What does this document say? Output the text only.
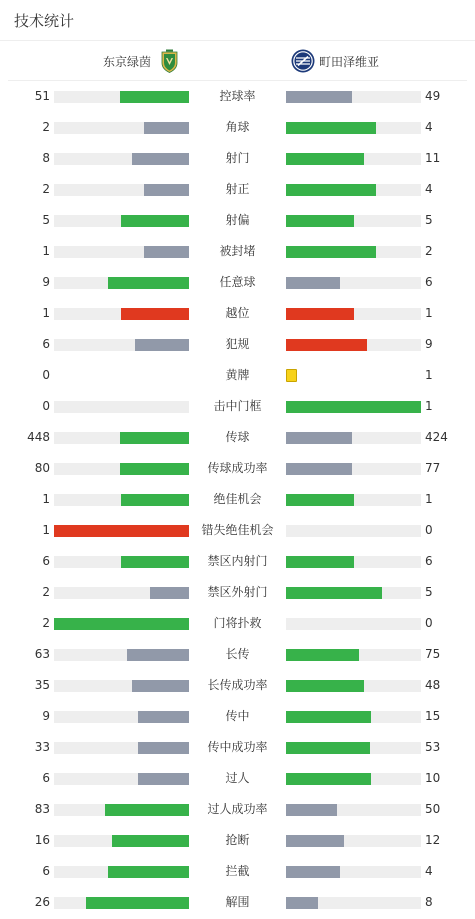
技术统计
东京绿茵	町田泽维亚
51	控球率	49
2	角球	4
8	射门	11
2	射正	4
5	射偏	5
1	被封堵	2
9	任意球	6
1	越位	1
6	犯规	9
0	黄牌	1
0	击中门框	1
448	传球	424
80	传球成功率	77
1	绝佳机会	1
1	错失绝佳机会	0
6	禁区内射门	6
2	禁区外射门	5
2	门将扑救	0
63	长传	75
35	长传成功率	48
9	传中	15
33	传中成功率	53
6	过人	10
83	过人成功率	50
16	抢断	12
6	拦截	4
26	解围	8
